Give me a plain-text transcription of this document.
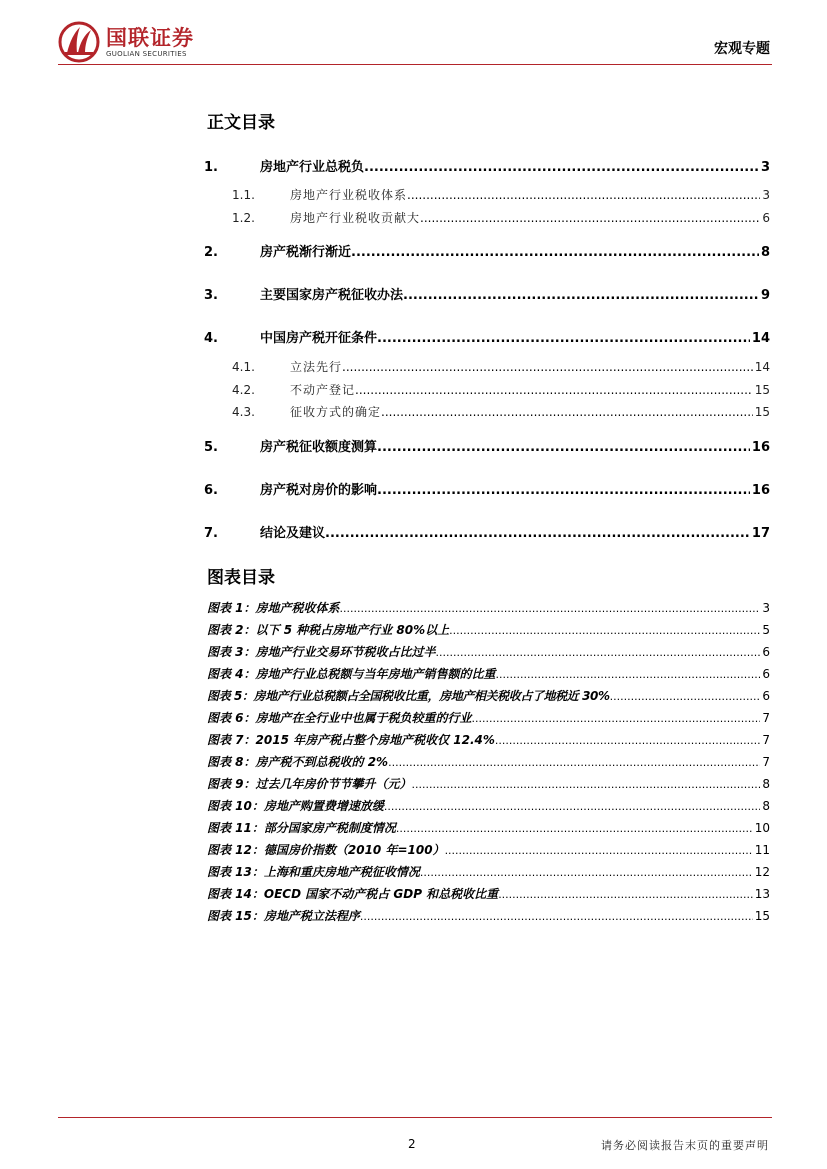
国联证券
GUOLIAN SECURITIES	宏观专题
正文目录
1.	房地产行业总税负 .....	3
1.1.	房地产行业税收体系 .....	3
1.2.	房地产行业税收贡献大 .....	6
2.	房产税渐行渐近 .....	8
3.	主要国家房产税征收办法 .....	9
4.	中国房产税开征条件 .....	14
4.1.	立法先行 .....	14
4.2.	不动产登记 .....	15
4.3.	征收方式的确定 .....	15
5.	房产税征收额度测算 .....	16
6.	房产税对房价的影响 .....	16
7.	结论及建议 .....	17
图表目录
图表 1：房地产税收体系 .....	3
图表 2：以下 5 种税占房地产行业 80%以上 .....	5
图表 3：房地产行业交易环节税收占比过半 .....	6
图表 4：房地产行业总税额与当年房地产销售额的比重 .....	6
图表 5：房地产行业总税额占全国税收比重，房地产相关税收占了地税近 30% .....	6
图表 6：房地产在全行业中也属于税负较重的行业 .....	7
图表 7：2015 年房产税占整个房地产税收仅 12.4% .....	7
图表 8：房产税不到总税收的 2% .....	7
图表 9：过去几年房价节节攀升（元） .....	8
图表 10：房地产购置费增速放缓 .....	8
图表 11：部分国家房产税制度情况 .....	10
图表 12：德国房价指数（2010 年=100） .....	11
图表 13：上海和重庆房地产税征收情况 .....	12
图表 14：OECD 国家不动产税占 GDP 和总税收比重 .....	13
图表 15：房地产税立法程序 .....	15
2	请务必阅读报告末页的重要声明
